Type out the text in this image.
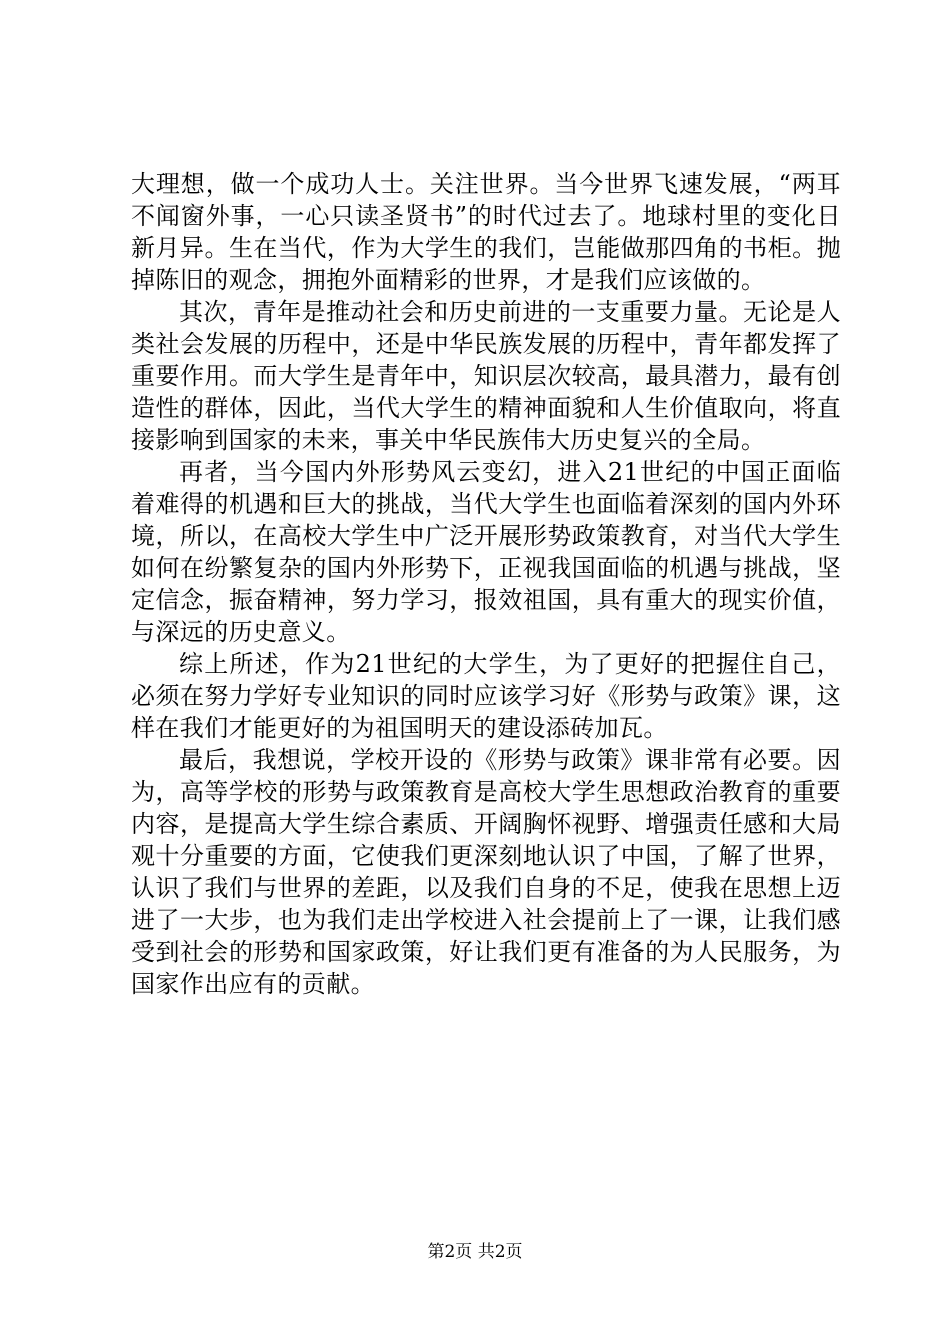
大理想，做一个成功人士。关注世界。当今世界飞速发展，“两耳不闻窗外事，一心只读圣贤书”的时代过去了。地球村里的变化日新月异。生在当代，作为大学生的我们，岂能做那四角的书柜。抛掉陈旧的观念，拥抱外面精彩的世界，才是我们应该做的。

其次，青年是推动社会和历史前进的一支重要力量。无论是人类社会发展的历程中，还是中华民族发展的历程中，青年都发挥了重要作用。而大学生是青年中，知识层次较高，最具潜力，最有创造性的群体，因此，当代大学生的精神面貌和人生价值取向，将直接影响到国家的未来，事关中华民族伟大历史复兴的全局。

再者，当今国内外形势风云变幻，进入21世纪的中国正面临着难得的机遇和巨大的挑战，当代大学生也面临着深刻的国内外环境，所以，在高校大学生中广泛开展形势政策教育，对当代大学生如何在纷繁复杂的国内外形势下，正视我国面临的机遇与挑战，坚定信念，振奋精神，努力学习，报效祖国，具有重大的现实价值，与深远的历史意义。

综上所述，作为21世纪的大学生，为了更好的把握住自己，必须在努力学好专业知识的同时应该学习好《形势与政策》课，这样在我们才能更好的为祖国明天的建设添砖加瓦。

最后，我想说，学校开设的《形势与政策》课非常有必要。因为，高等学校的形势与政策教育是高校大学生思想政治教育的重要内容，是提高大学生综合素质、开阔胸怀视野、增强责任感和大局观十分重要的方面，它使我们更深刻地认识了中国，了解了世界，认识了我们与世界的差距，以及我们自身的不足，使我在思想上迈进了一大步，也为我们走出学校进入社会提前上了一课，让我们感受到社会的形势和国家政策，好让我们更有准备的为人民服务，为国家作出应有的贡献。

第2页 共2页
